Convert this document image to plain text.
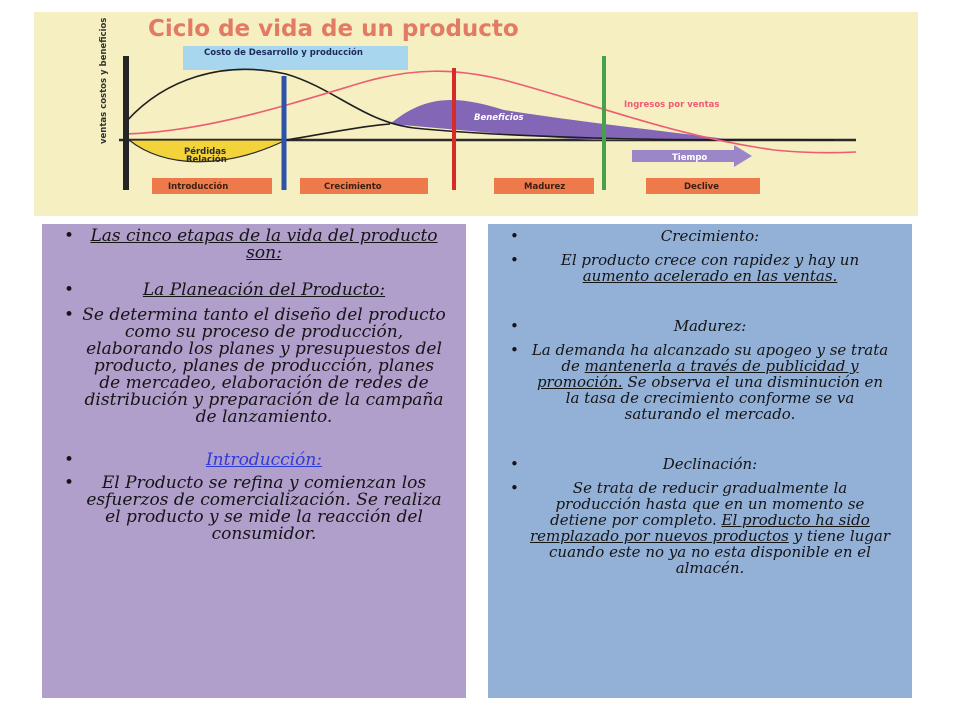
Ciclo de vida de un producto
Costo de Desarrollo y producción
ventas costos y beneficios
Pérdidas
Relación
Beneficios
Ingresos por ventas
Tiempo
Introducción	Crecimiento	Madurez	Declive
• Las cinco etapas de la vida del producto son:
• La Planeación del Producto:
• Se determina tanto el diseño del producto como su proceso de producción, elaborando los planes y presupuestos del producto, planes de producción, planes de mercadeo, elaboración de redes de distribución y preparación de la campaña de lanzamiento.
• Introducción:
• El Producto se refina y comienzan los esfuerzos de comercialización. Se realiza el producto y se mide la reacción del consumidor.
• Crecimiento:
• El producto crece con rapidez y hay un aumento acelerado en las ventas.
• Madurez:
• La demanda ha alcanzado su apogeo y se trata de mantenerla a través de publicidad y promoción. Se observa el una disminución en la tasa de crecimiento conforme se va saturando el mercado.
• Declinación:
• Se trata de reducir gradualmente la producción hasta que en un momento se detiene por completo. El producto ha sido remplazado por nuevos productos y tiene lugar cuando este no ya no esta disponible en el almacén.
